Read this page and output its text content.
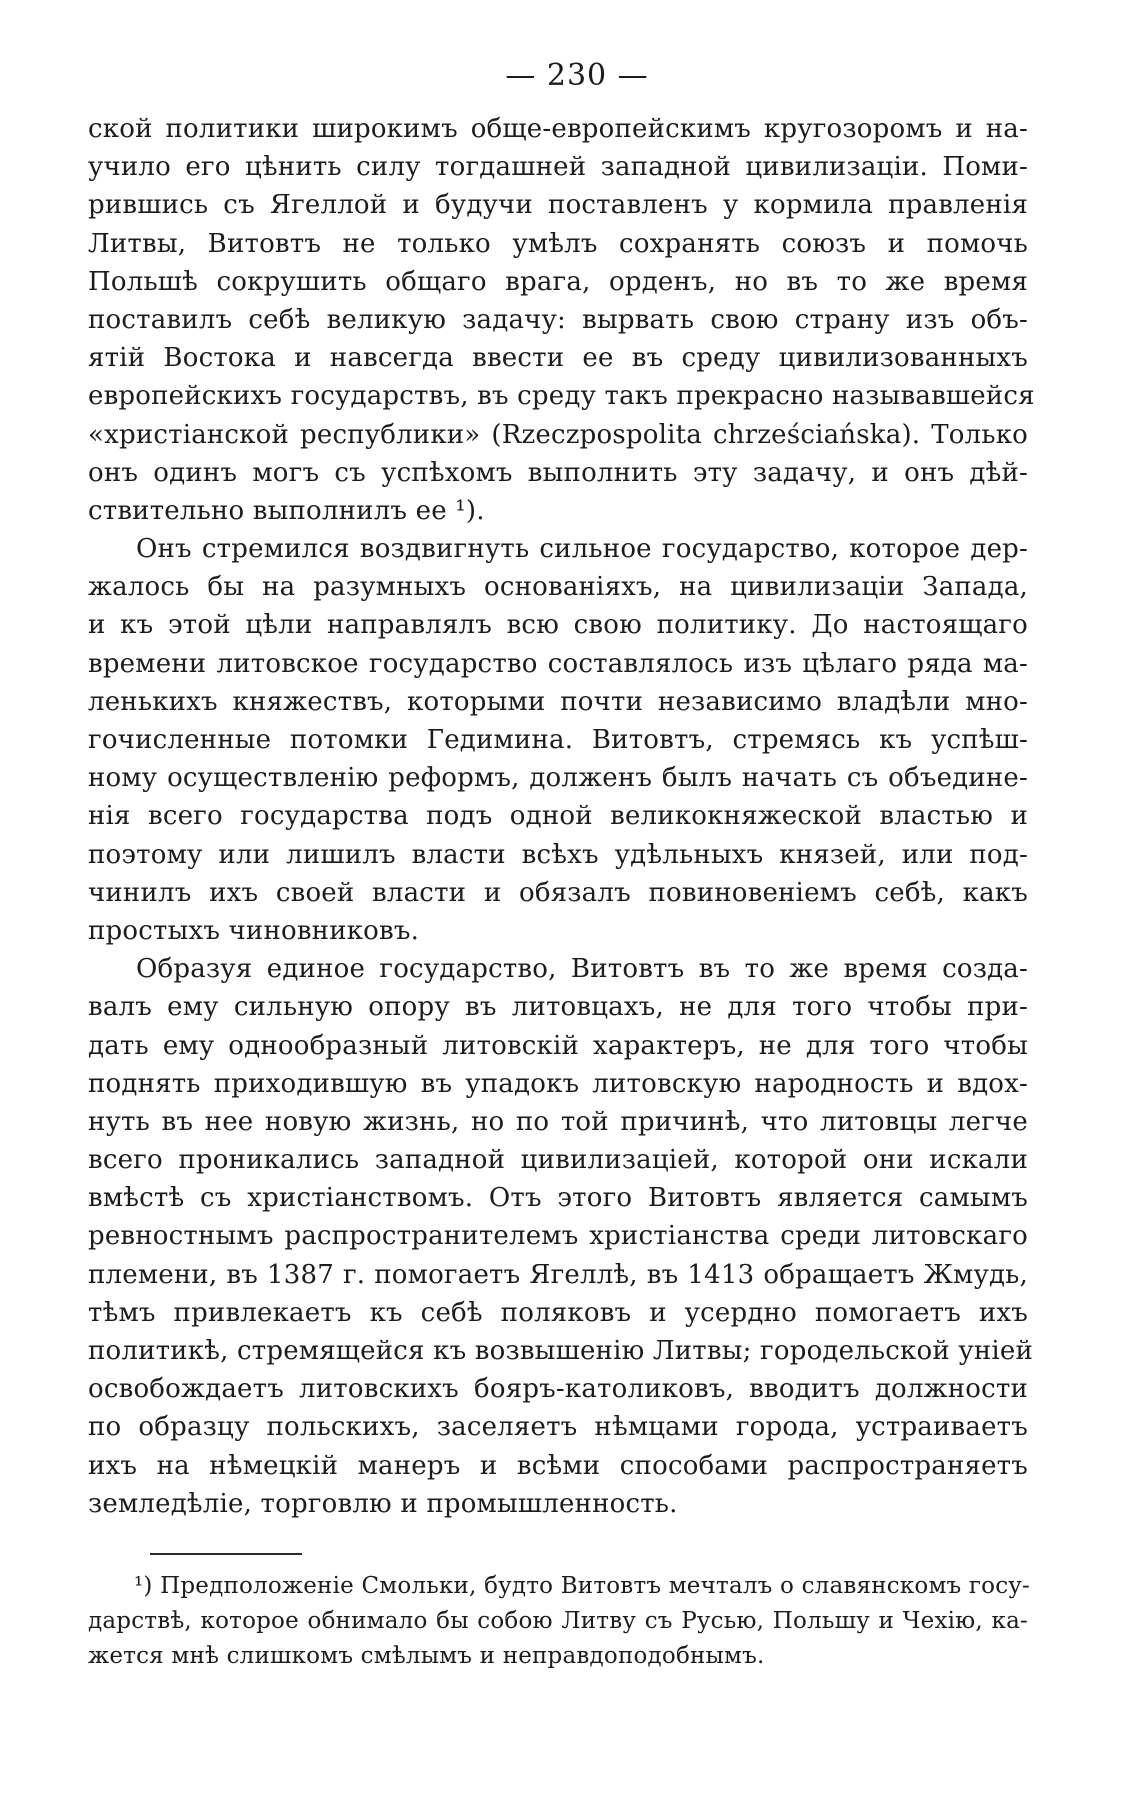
— 230 —
ской политики широкимъ обще-европейскимъ кругозоромъ и на-
учило его цѣнить силу тогдашней западной цивилизаціи. Поми-
рившись съ Ягеллой и будучи поставленъ у кормила правленія
Литвы, Витовтъ не только умѣлъ сохранять союзъ и помочь
Польшѣ сокрушить общаго врага, орденъ, но въ то же время
поставилъ себѣ великую задачу: вырвать свою страну изъ объ-
ятій Востока и навсегда ввести ее въ среду цивилизованныхъ
европейскихъ государствъ, въ среду такъ прекрасно называвшейся
«христіанской республики» (Rzeczpospolita chrześciańska). Только
онъ одинъ могъ съ успѣхомъ выполнить эту задачу, и онъ дѣй-
ствительно выполнилъ ее ¹).
Онъ стремился воздвигнуть сильное государство, которое дер-
жалось бы на разумныхъ основаніяхъ, на цивилизаціи Запада,
и къ этой цѣли направлялъ всю свою политику. До настоящаго
времени литовское государство составлялось изъ цѣлаго ряда ма-
ленькихъ княжествъ, которыми почти независимо владѣли мно-
гочисленные потомки Гедимина. Витовтъ, стремясь къ успѣш-
ному осуществленію реформъ, долженъ былъ начать съ объедине-
нія всего государства подъ одной великокняжеской властью и
поэтому или лишилъ власти всѣхъ удѣльныхъ князей, или под-
чинилъ ихъ своей власти и обязалъ повиновеніемъ себѣ, какъ
простыхъ чиновниковъ.
Образуя единое государство, Витовтъ въ то же время созда-
валъ ему сильную опору въ литовцахъ, не для того чтобы при-
дать ему однообразный литовскій характеръ, не для того чтобы
поднять приходившую въ упадокъ литовскую народность и вдох-
нуть въ нее новую жизнь, но по той причинѣ, что литовцы легче
всего проникались западной цивилизаціей, которой они искали
вмѣстѣ съ христіанствомъ. Отъ этого Витовтъ является самымъ
ревностнымъ распространителемъ христіанства среди литовскаго
племени, въ 1387 г. помогаетъ Ягеллѣ, въ 1413 обращаетъ Жмудь,
тѣмъ привлекаетъ къ себѣ поляковъ и усердно помогаетъ ихъ
политикѣ, стремящейся къ возвышенію Литвы; городельской уніей
освобождаетъ литовскихъ бояръ-католиковъ, вводитъ должности
по образцу польскихъ, заселяетъ нѣмцами города, устраиваетъ
ихъ на нѣмецкій манеръ и всѣми способами распространяетъ
земледѣліе, торговлю и промышленность.
¹) Предположеніе Смольки, будто Витовтъ мечталъ о славянскомъ госу-
дарствѣ, которое обнимало бы собою Литву съ Русью, Польшу и Чехію, ка-
жется мнѣ слишкомъ смѣлымъ и неправдоподобнымъ.
